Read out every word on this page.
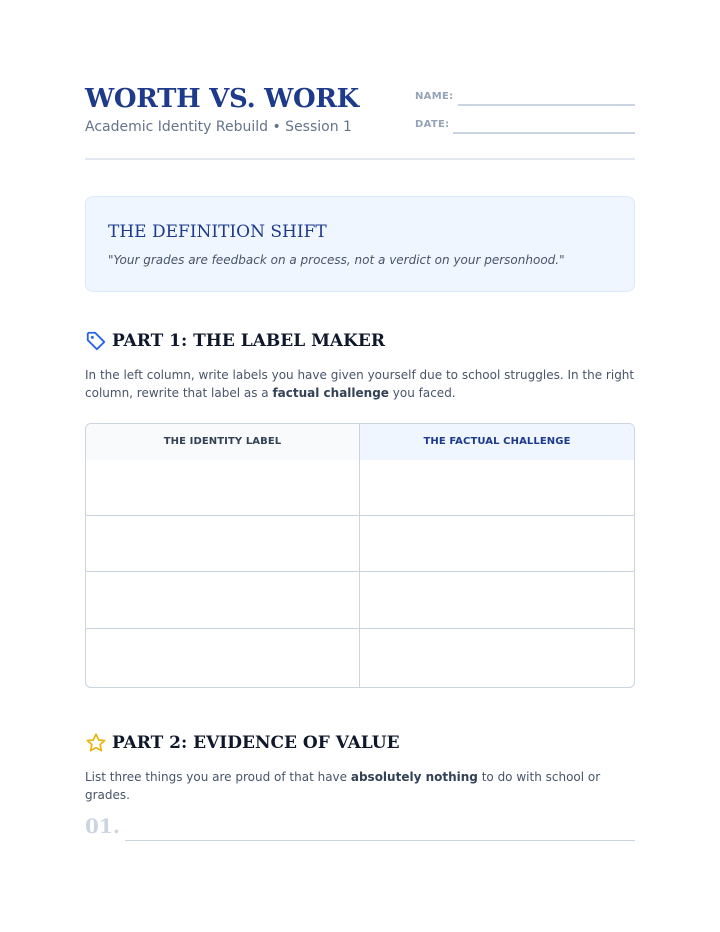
WORTH VS. WORK
Academic Identity Rebuild • Session 1
NAME:
DATE:
THE DEFINITION SHIFT
"Your grades are feedback on a process, not a verdict on your personhood."
PART 1: THE LABEL MAKER
In the left column, write labels you have given yourself due to school struggles. In the right column, rewrite that label as a factual challenge you faced.
THE IDENTITY LABEL	THE FACTUAL CHALLENGE
PART 2: EVIDENCE OF VALUE
List three things you are proud of that have absolutely nothing to do with school or grades.
01.
